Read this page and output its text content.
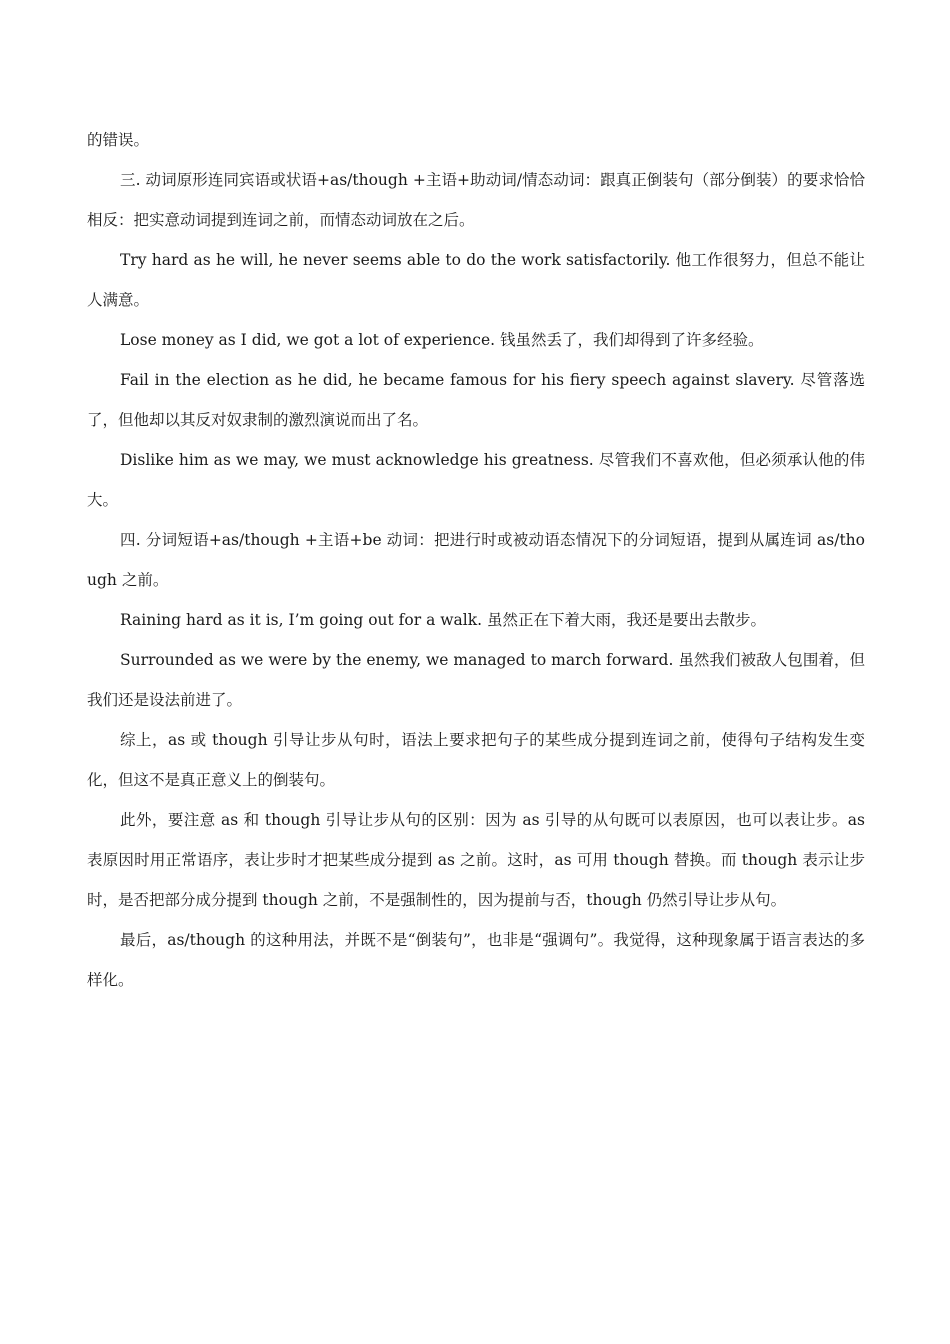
的错误。

三. 动词原形连同宾语或状语+as/though +主语+助动词/情态动词：跟真正倒装句（部分倒装）的要求恰恰相反：把实意动词提到连词之前，而情态动词放在之后。

Try hard as he will, he never seems able to do the work satisfactorily. 他工作很努力，但总不能让人满意。

Lose money as I did, we got a lot of experience. 钱虽然丢了，我们却得到了许多经验。

Fail in the election as he did, he became famous for his fiery speech against slavery. 尽管落选了，但他却以其反对奴隶制的激烈演说而出了名。

Dislike him as we may, we must acknowledge his greatness. 尽管我们不喜欢他，但必须承认他的伟大。

四. 分词短语+as/though +主语+be 动词：把进行时或被动语态情况下的分词短语，提到从属连词 as/though 之前。

Raining hard as it is, I’m going out for a walk. 虽然正在下着大雨，我还是要出去散步。

Surrounded as we were by the enemy, we managed to march forward. 虽然我们被敌人包围着，但我们还是设法前进了。

综上，as 或 though 引导让步从句时，语法上要求把句子的某些成分提到连词之前，使得句子结构发生变化，但这不是真正意义上的倒装句。

此外，要注意 as 和 though 引导让步从句的区别：因为 as 引导的从句既可以表原因，也可以表让步。as 表原因时用正常语序，表让步时才把某些成分提到 as 之前。这时，as 可用 though 替换。而 though 表示让步时，是否把部分成分提到 though 之前，不是强制性的，因为提前与否，though 仍然引导让步从句。

最后，as/though 的这种用法，并既不是“倒装句”，也非是“强调句”。我觉得，这种现象属于语言表达的多样化。
